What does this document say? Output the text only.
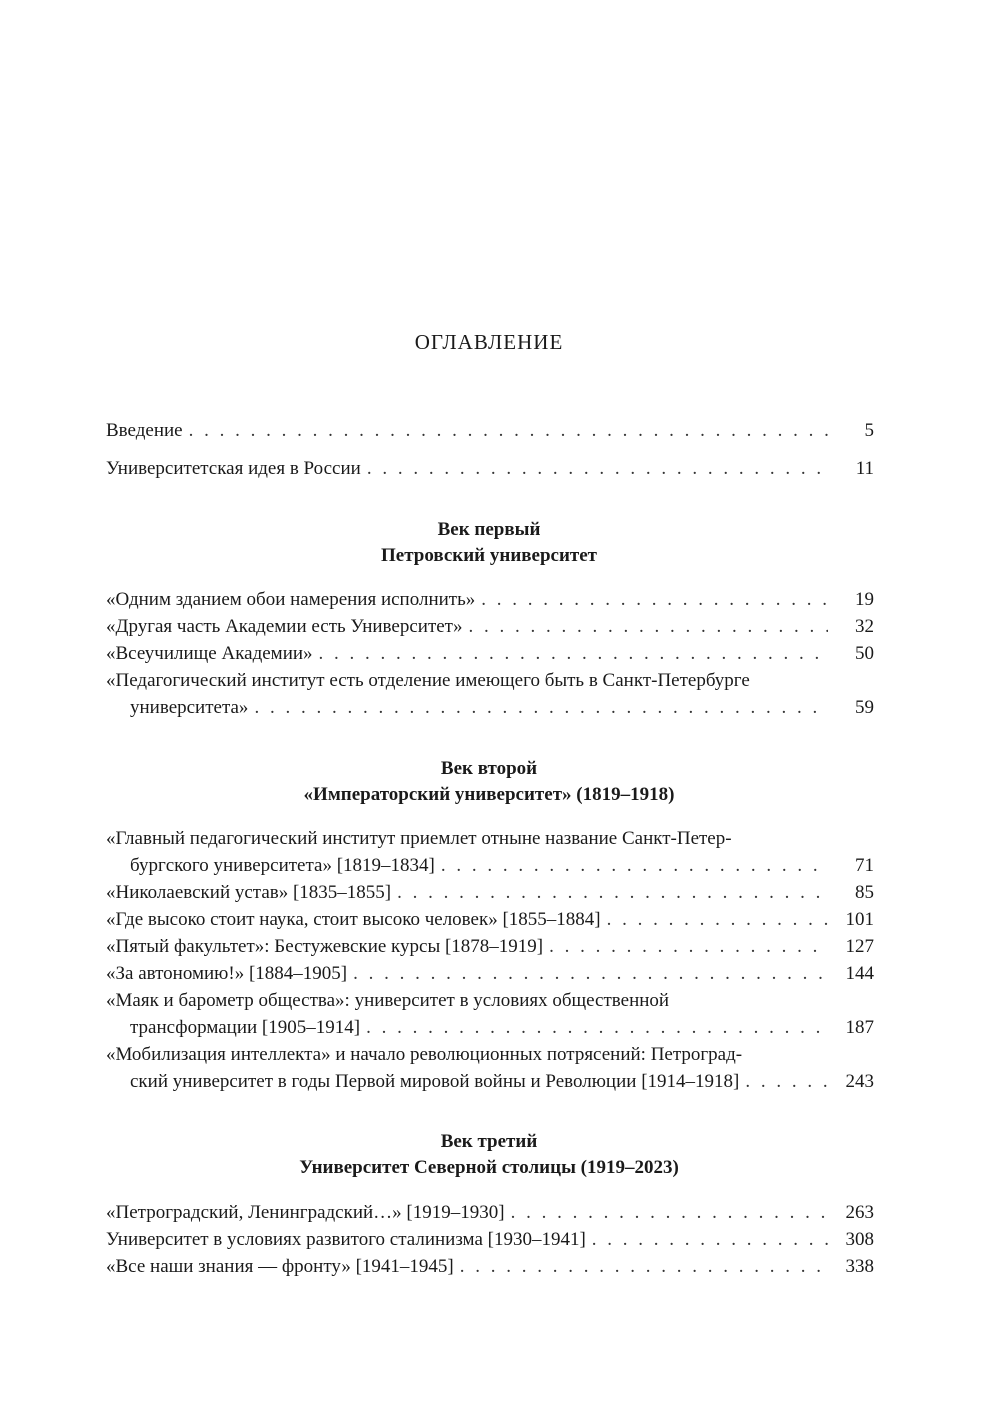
ОГЛАВЛЕНИЕ
Введение . . .	5
Университетская идея в России . . .	11
Век первый
Петровский университет
«Одним зданием обои намерения исполнить» . . .	19
«Другая часть Академии есть Университет» . . .	32
«Всеучилище Академии» . . .	50
«Педагогический институт есть отделение имеющего быть в Санкт-Петербурге
университета» . . .	59
Век второй
«Императорский университет» (1819–1918)
«Главный педагогический институт приемлет отныне название Санкт-Петер-
бургского университета» [1819–1834] . . .	71
«Николаевский устав» [1835–1855] . . .	85
«Где высоко стоит наука, стоит высоко человек» [1855–1884] . . .	101
«Пятый факультет»: Бестужевские курсы [1878–1919] . . .	127
«За автономию!» [1884–1905] . . .	144
«Маяк и барометр общества»: университет в условиях общественной
трансформации [1905–1914] . . .	187
«Мобилизация интеллекта» и начало революционных потрясений: Петроград-
ский университет в годы Первой мировой войны и Революции [1914–1918] . . .	243
Век третий
Университет Северной столицы (1919–2023)
«Петроградский, Ленинградский…» [1919–1930] . . .	263
Университет в условиях развитого сталинизма [1930–1941] . . .	308
«Все наши знания — фронту» [1941–1945] . . .	338
